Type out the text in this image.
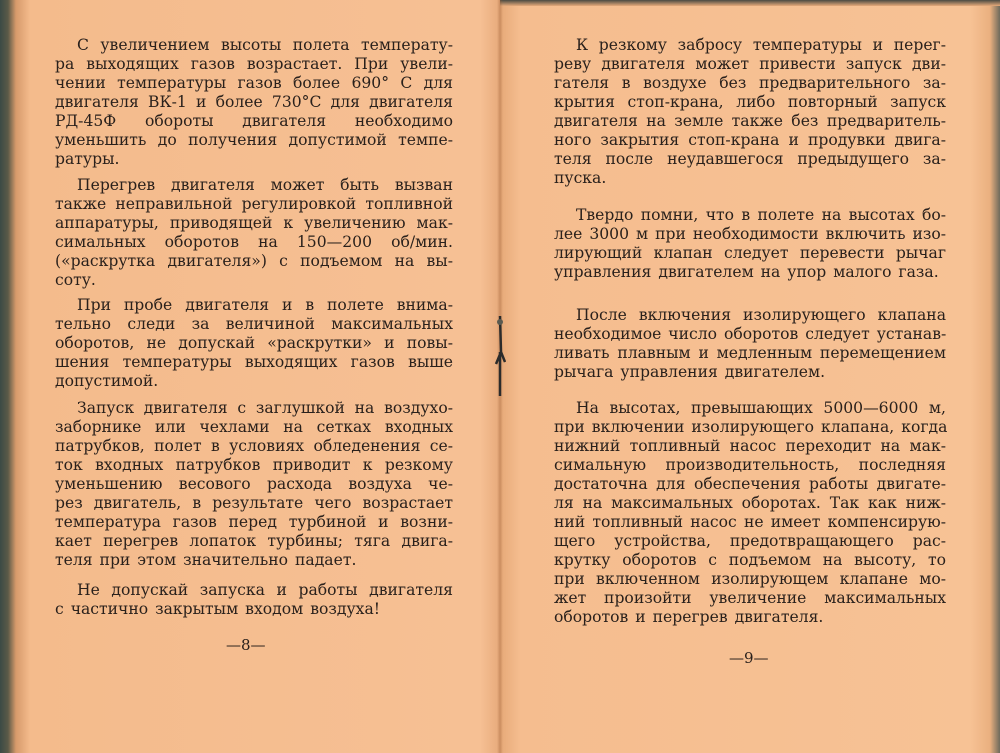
С увеличением высоты полета температу-
ра выходящих газов возрастает. При увели-
чении температуры газов более 690° С для
двигателя ВК-1 и более 730°С для двигателя
РД-45Ф обороты двигателя необходимо
уменьшить до получения допустимой темпе-
ратуры.
Перегрев двигателя может быть вызван
также неправильной регулировкой топливной
аппаратуры, приводящей к увеличению мак-
симальных оборотов на 150—200 об/мин.
(«раскрутка двигателя») с подъемом на вы-
соту.
При пробе двигателя и в полете внима-
тельно следи за величиной максимальных
оборотов, не допускай «раскрутки» и повы-
шения температуры выходящих газов выше
допустимой.
Запуск двигателя с заглушкой на воздухо-
заборнике или чехлами на сетках входных
патрубков, полет в условиях обледенения се-
ток входных патрубков приводит к резкому
уменьшению весового расхода воздуха че-
рез двигатель, в результате чего возрастает
температура газов перед турбиной и возни-
кает перегрев лопаток турбины; тяга двига-
теля при этом значительно падает.
Не допускай запуска и работы двигателя
с частично закрытым входом воздуха!
К резкому забросу температуры и перег-
реву двигателя может привести запуск дви-
гателя в воздухе без предварительного за-
крытия стоп-крана, либо повторный запуск
двигателя на земле также без предваритель-
ного закрытия стоп-крана и продувки двига-
теля после неудавшегося предыдущего за-
пуска.
Твердо помни, что в полете на высотах бо-
лее 3000 м при необходимости включить изо-
лирующий клапан следует перевести рычаг
управления двигателем на упор малого газа.
После включения изолирующего клапана
необходимое число оборотов следует устанав-
ливать плавным и медленным перемещением
рычага управления двигателем.
На высотах, превышающих 5000—6000 м,
при включении изолирующего клапана, когда
нижний топливный насос переходит на мак-
симальную производительность, последняя
достаточна для обеспечения работы двигате-
ля на максимальных оборотах. Так как ниж-
ний топливный насос не имеет компенсирую-
щего устройства, предотвращающего рас-
крутку оборотов с подъемом на высоту, то
при включенном изолирующем клапане мо-
жет произойти увеличение максимальных
оборотов и перегрев двигателя.
—8—
—9—
